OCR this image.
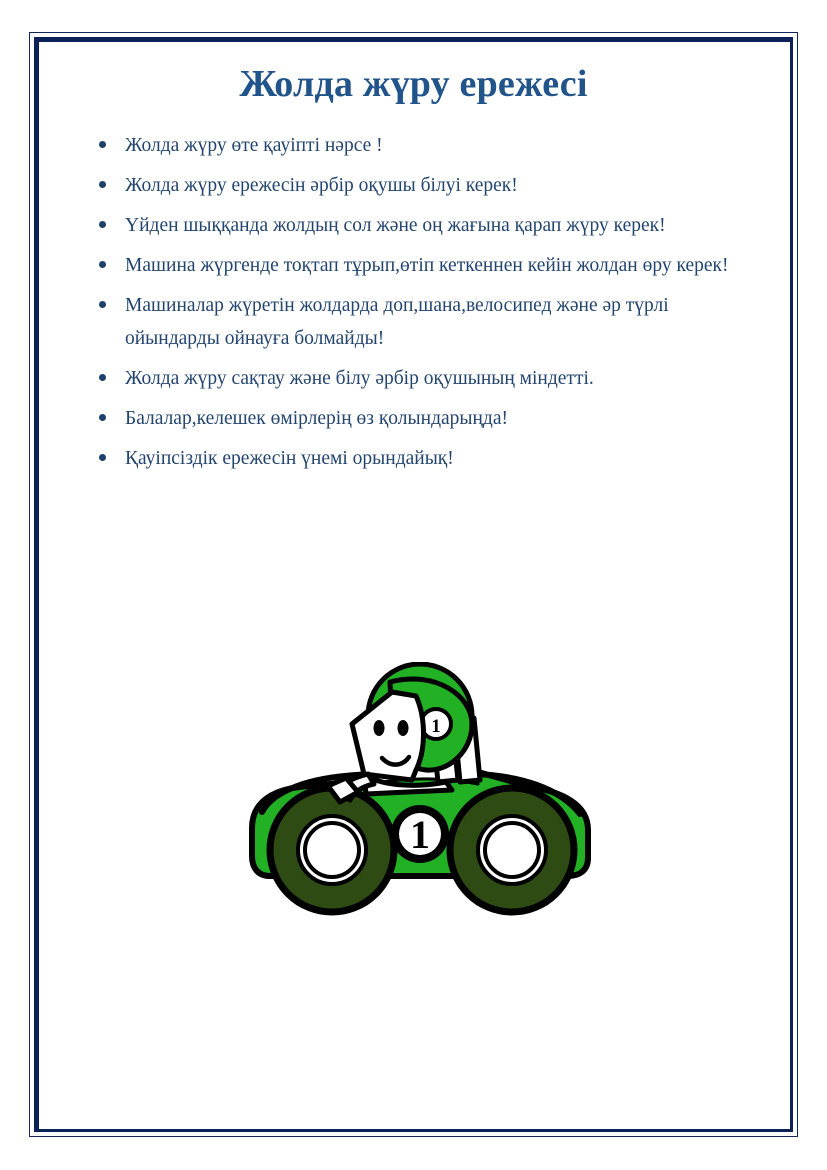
Жолда жүру ережесі
Жолда жүру өте қауіпті нәрсе !
Жолда жүру ережесін әрбір оқушы білуі керек!
Үйден шыққанда жолдың сол және оң жағына қарап жүру керек!
Машина жүргенде тоқтап тұрып,өтіп кеткеннен кейін жолдан өру керек!
Машиналар жүретін жолдарда доп,шана,велосипед және әр түрлі ойындарды ойнауға болмайды!
Жолда жүру сақтау және білу әрбір оқушының міндетті.
Балалар,келешек өмірлерің өз қолындарыңда!
Қауіпсіздік ережесін үнемі орындайық!
1
1
